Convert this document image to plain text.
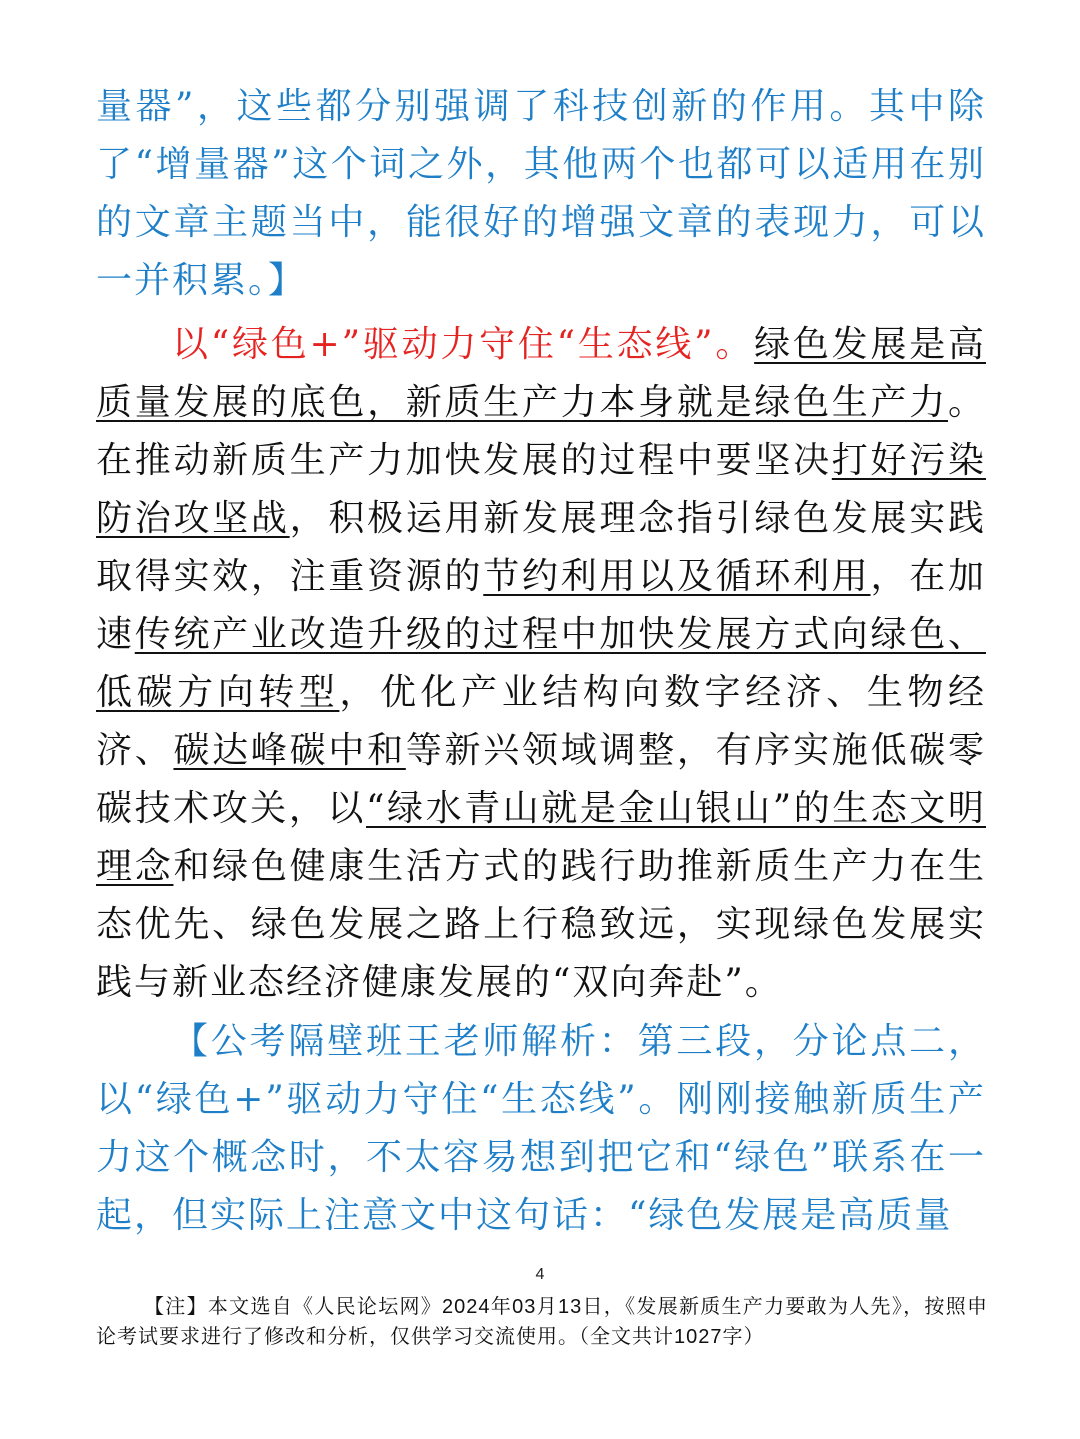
量器”，这些都分别强调了科技创新的作用。其中除了“增量器”这个词之外，其他两个也都可以适用在别的文章主题当中，能很好的增强文章的表现力，可以一并积累。】

以“绿色+”驱动力守住“生态线”。绿色发展是高质量发展的底色，新质生产力本身就是绿色生产力。在推动新质生产力加快发展的过程中要坚决打好污染防治攻坚战，积极运用新发展理念指引绿色发展实践取得实效，注重资源的节约利用以及循环利用，在加速传统产业改造升级的过程中加快发展方式向绿色、低碳方向转型，优化产业结构向数字经济、生物经济、碳达峰碳中和等新兴领域调整，有序实施低碳零碳技术攻关，以“绿水青山就是金山银山”的生态文明理念和绿色健康生活方式的践行助推新质生产力在生态优先、绿色发展之路上行稳致远，实现绿色发展实践与新业态经济健康发展的“双向奔赴”。

【公考隔壁班王老师解析：第三段，分论点二，以“绿色+”驱动力守住“生态线”。刚刚接触新质生产力这个概念时，不太容易想到把它和“绿色”联系在一起，但实际上注意文中这句话：“绿色发展是高质量

4

【注】本文选自《人民论坛网》2024年03月13日，《发展新质生产力要敢为人先》，按照申论考试要求进行了修改和分析，仅供学习交流使用。（全文共计1027字）
